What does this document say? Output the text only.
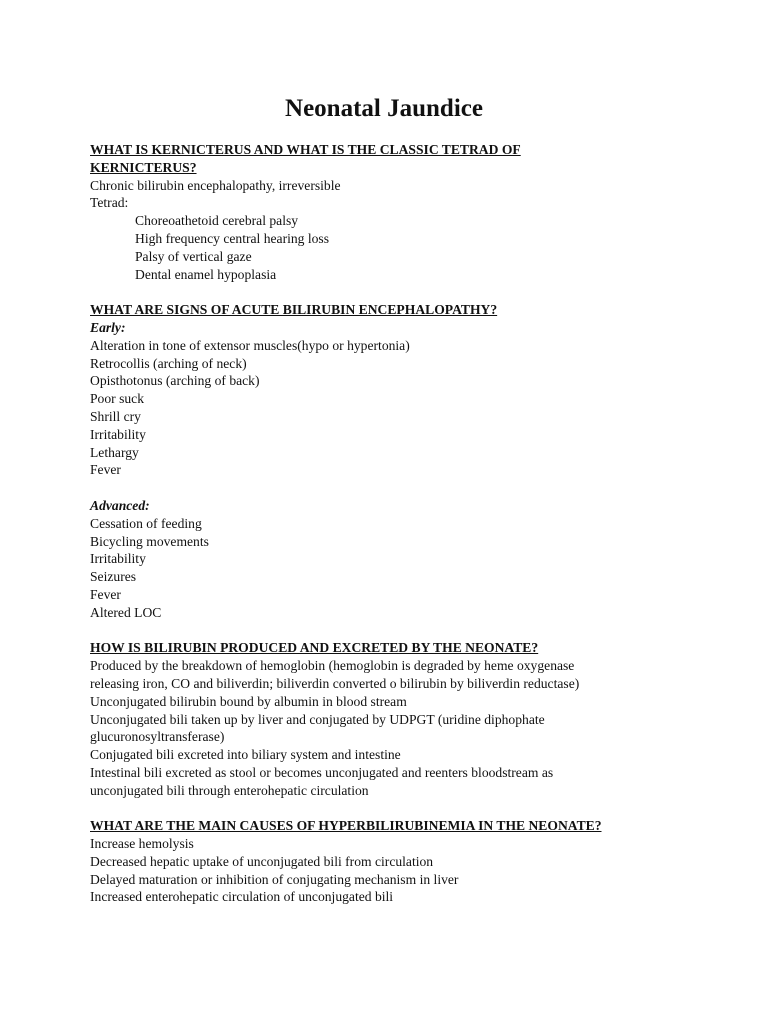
Neonatal Jaundice

WHAT IS KERNICTERUS AND WHAT IS THE CLASSIC TETRAD OF

KERNICTERUS?

Chronic bilirubin encephalopathy, irreversible

Tetrad:

Choreoathetoid cerebral palsy

High frequency central hearing loss

Palsy of vertical gaze

Dental enamel hypoplasia

WHAT ARE SIGNS OF ACUTE BILIRUBIN ENCEPHALOPATHY?

Early:

Alteration in tone of extensor muscles(hypo or hypertonia)

Retrocollis (arching of neck)

Opisthotonus (arching of back)

Poor suck

Shrill cry

Irritability

Lethargy

Fever

Advanced:

Cessation of feeding

Bicycling movements

Irritability

Seizures

Fever

Altered LOC

HOW IS BILIRUBIN PRODUCED AND EXCRETED BY THE NEONATE?

Produced by the breakdown of hemoglobin (hemoglobin is degraded by heme oxygenase

releasing iron, CO and biliverdin; biliverdin converted o bilirubin by biliverdin reductase)

Unconjugated bilirubin bound by albumin in blood stream

Unconjugated bili taken up by liver and conjugated by UDPGT (uridine diphophate

glucuronosyltransferase)

Conjugated bili excreted into biliary system and intestine

Intestinal bili excreted as stool or becomes unconjugated and reenters bloodstream as

unconjugated bili through enterohepatic circulation

WHAT ARE THE MAIN CAUSES OF HYPERBILIRUBINEMIA IN THE NEONATE?

Increase hemolysis

Decreased hepatic uptake of unconjugated bili from circulation

Delayed maturation or inhibition of conjugating mechanism in liver

Increased enterohepatic circulation of unconjugated bili
